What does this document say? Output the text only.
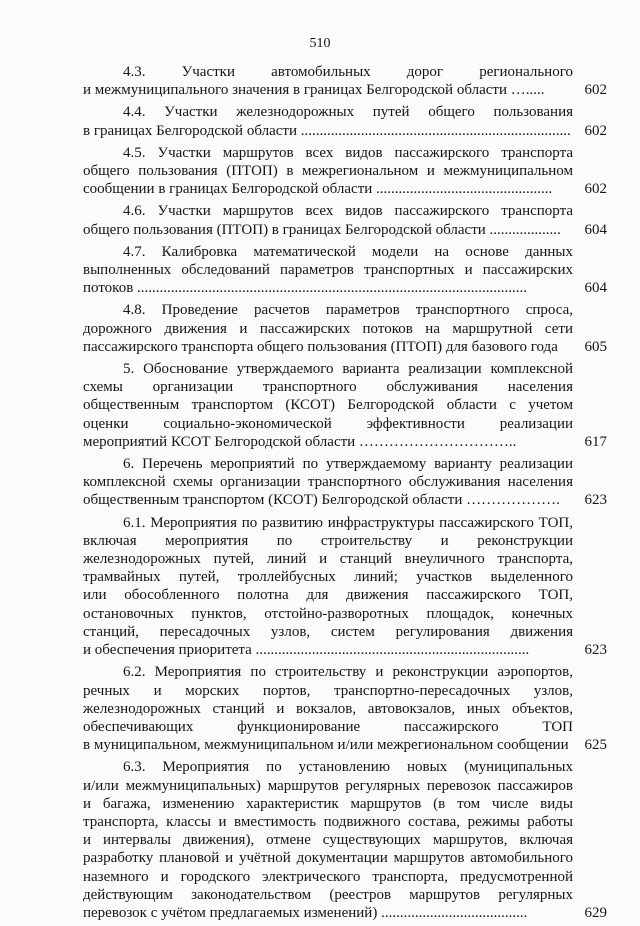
510
4.3. Участки автомобильных дорог регионального
и межмуниципального значения в границах Белгородской области ….....	602
4.4. Участки железнодорожных путей общего пользования
в границах Белгородской области ........................................................................ 602
4.5. Участки маршрутов всех видов пассажирского транспорта
общего пользования (ПТОП) в межрегиональном и межмуниципальном
сообщении в границах Белгородской области ...............................................	602
4.6. Участки маршрутов всех видов пассажирского транспорта
общего пользования (ПТОП) в границах Белгородской области ...................	604
4.7. Калибровка математической модели на основе данных
выполненных обследований параметров транспортных и пассажирских
потоков ........................................................................................................	604
4.8. Проведение расчетов параметров транспортного спроса,
дорожного движения и пассажирских потоков на маршрутной сети
пассажирского транспорта общего пользования (ПТОП) для базового года	605
5. Обоснование утверждаемого варианта реализации комплексной
схемы организации транспортного обслуживания населения
общественным транспортом (КСОТ) Белгородской области с учетом
оценки социально-экономической эффективности реализации
мероприятий КСОТ Белгородской области …………………………..	617
6. Перечень мероприятий по утверждаемому варианту реализации
комплексной схемы организации транспортного обслуживания населения
общественным транспортом (КСОТ) Белгородской области ……………….	623
6.1. Мероприятия по развитию инфраструктуры пассажирского ТОП,
включая мероприятия по строительству и реконструкции
железнодорожных путей, линий и станций внеуличного транспорта,
трамвайных путей, троллейбусных линий; участков выделенного
или обособленного полотна для движения пассажирского ТОП,
остановочных пунктов, отстойно-разворотных площадок, конечных
станций, пересадочных узлов, систем регулирования движения
и обеспечения приоритета .........................................................................	623
6.2. Мероприятия по строительству и реконструкции аэропортов,
речных и морских портов, транспортно-пересадочных узлов,
железнодорожных станций и вокзалов, автовокзалов, иных объектов,
обеспечивающих функционирование пассажирского ТОП
в муниципальном, межмуниципальном и/или межрегиональном сообщении	625
6.3. Мероприятия по установлению новых (муниципальных
и/или межмуниципальных) маршрутов регулярных перевозок пассажиров
и багажа, изменению характеристик маршрутов (в том числе виды
транспорта, классы и вместимость подвижного состава, режимы работы
и интервалы движения), отмене существующих маршрутов, включая
разработку плановой и учётной документации маршрутов автомобильного
наземного и городского электрического транспорта, предусмотренной
действующим законодательством (реестров маршрутов регулярных
перевозок с учётом предлагаемых изменений) .......................................	629
